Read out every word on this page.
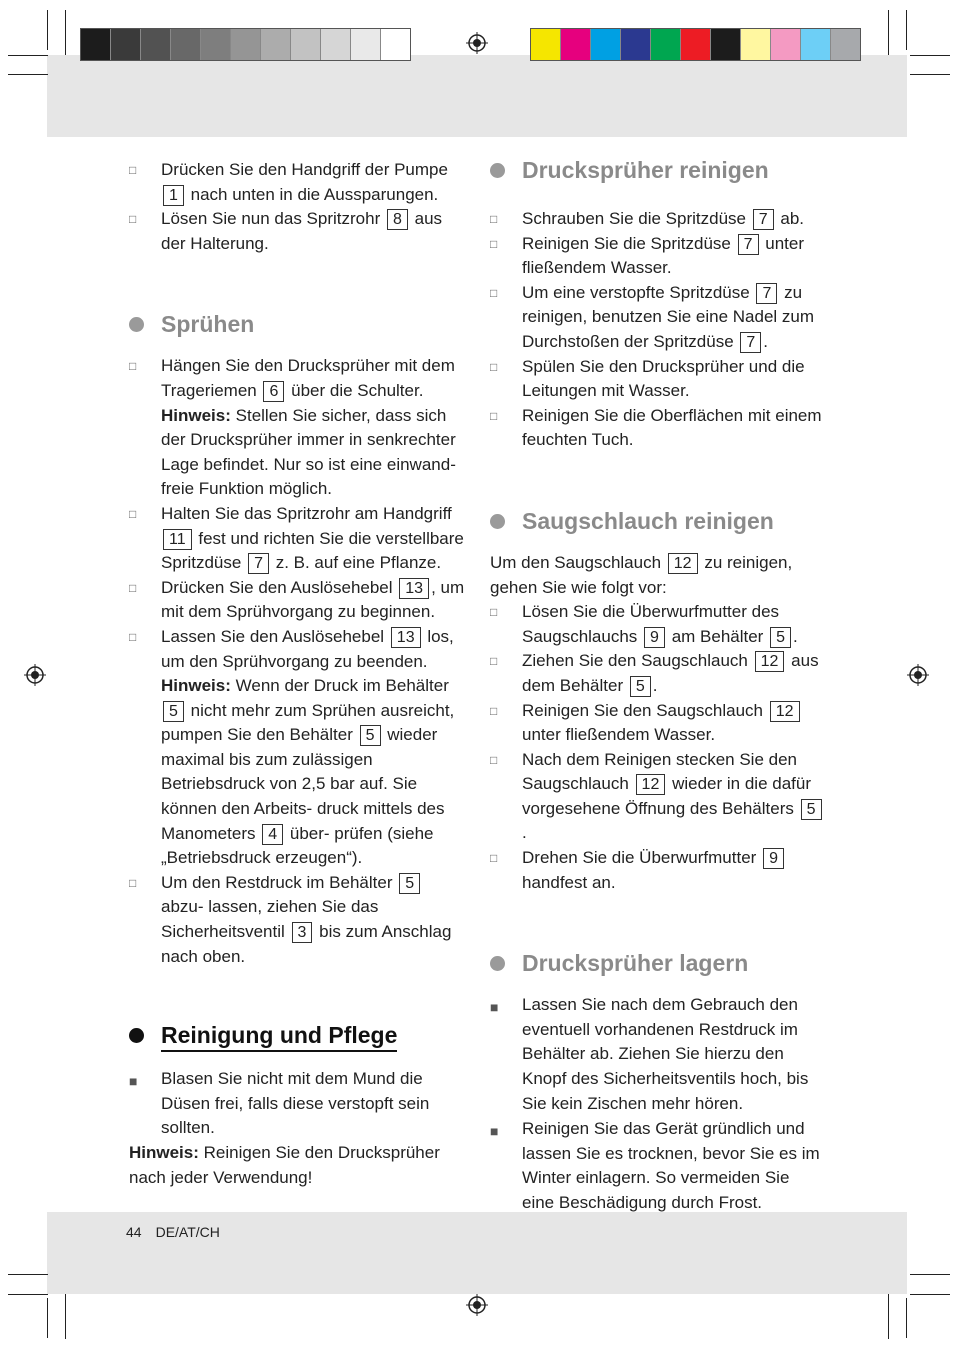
□ Drücken Sie den Handgriff der Pumpe 1 nach unten in die Aussparungen.
□ Lösen Sie nun das Spritzrohr 8 aus der Halterung.
Sprühen
□ Hängen Sie den Drucksprüher mit dem Trageriemen 6 über die Schulter.
Hinweis: Stellen Sie sicher, dass sich der Drucksprüher immer in senkrechter Lage befindet. Nur so ist eine einwand- freie Funktion möglich.
□ Halten Sie das Spritzrohr am Handgriff 11 fest und richten Sie die verstellbare Spritzdüse 7 z. B. auf eine Pflanze.
□ Drücken Sie den Auslösehebel 13 , um mit dem Sprühvorgang zu beginnen.
□ Lassen Sie den Auslösehebel 13 los, um den Sprühvorgang zu beenden.
Hinweis: Wenn der Druck im Behälter 5 nicht mehr zum Sprühen ausreicht, pumpen Sie den Behälter 5 wieder maximal bis zum zulässigen Betriebsdruck von 2,5 bar auf. Sie können den Arbeits- druck mittels des Manometers 4 über- prüfen (siehe „Betriebsdruck erzeugen“).
□ Um den Restdruck im Behälter 5 abzu- lassen, ziehen Sie das Sicherheitsventil 3 bis zum Anschlag nach oben.
Reinigung und Pflege
■ Blasen Sie nicht mit dem Mund die Düsen frei, falls diese verstopft sein sollten.
Hinweis: Reinigen Sie den Drucksprüher nach jeder Verwendung!
Drucksprüher reinigen
□ Schrauben Sie die Spritzdüse 7 ab.
□ Reinigen Sie die Spritzdüse 7 unter fließendem Wasser.
□ Um eine verstopfte Spritzdüse 7 zu reinigen, benutzen Sie eine Nadel zum Durchstoßen der Spritzdüse 7 .
□ Spülen Sie den Drucksprüher und die Leitungen mit Wasser.
□ Reinigen Sie die Oberflächen mit einem feuchten Tuch.
Saugschlauch reinigen
Um den Saugschlauch 12 zu reinigen, gehen Sie wie folgt vor:
□ Lösen Sie die Überwurfmutter des Saugschlauchs 9 am Behälter 5 .
□ Ziehen Sie den Saugschlauch 12 aus dem Behälter 5 .
□ Reinigen Sie den Saugschlauch 12 unter fließendem Wasser.
□ Nach dem Reinigen stecken Sie den Saugschlauch 12 wieder in die dafür vorgesehene Öffnung des Behälters 5.
□ Drehen Sie die Überwurfmutter 9 handfest an.
Drucksprüher lagern
■ Lassen Sie nach dem Gebrauch den eventuell vorhandenen Restdruck im Behälter ab. Ziehen Sie hierzu den Knopf des Sicherheitsventils hoch, bis Sie kein Zischen mehr hören.
■ Reinigen Sie das Gerät gründlich und lassen Sie es trocknen, bevor Sie es im Winter einlagern. So vermeiden Sie eine Beschädigung durch Frost.
44 DE/AT/CH
